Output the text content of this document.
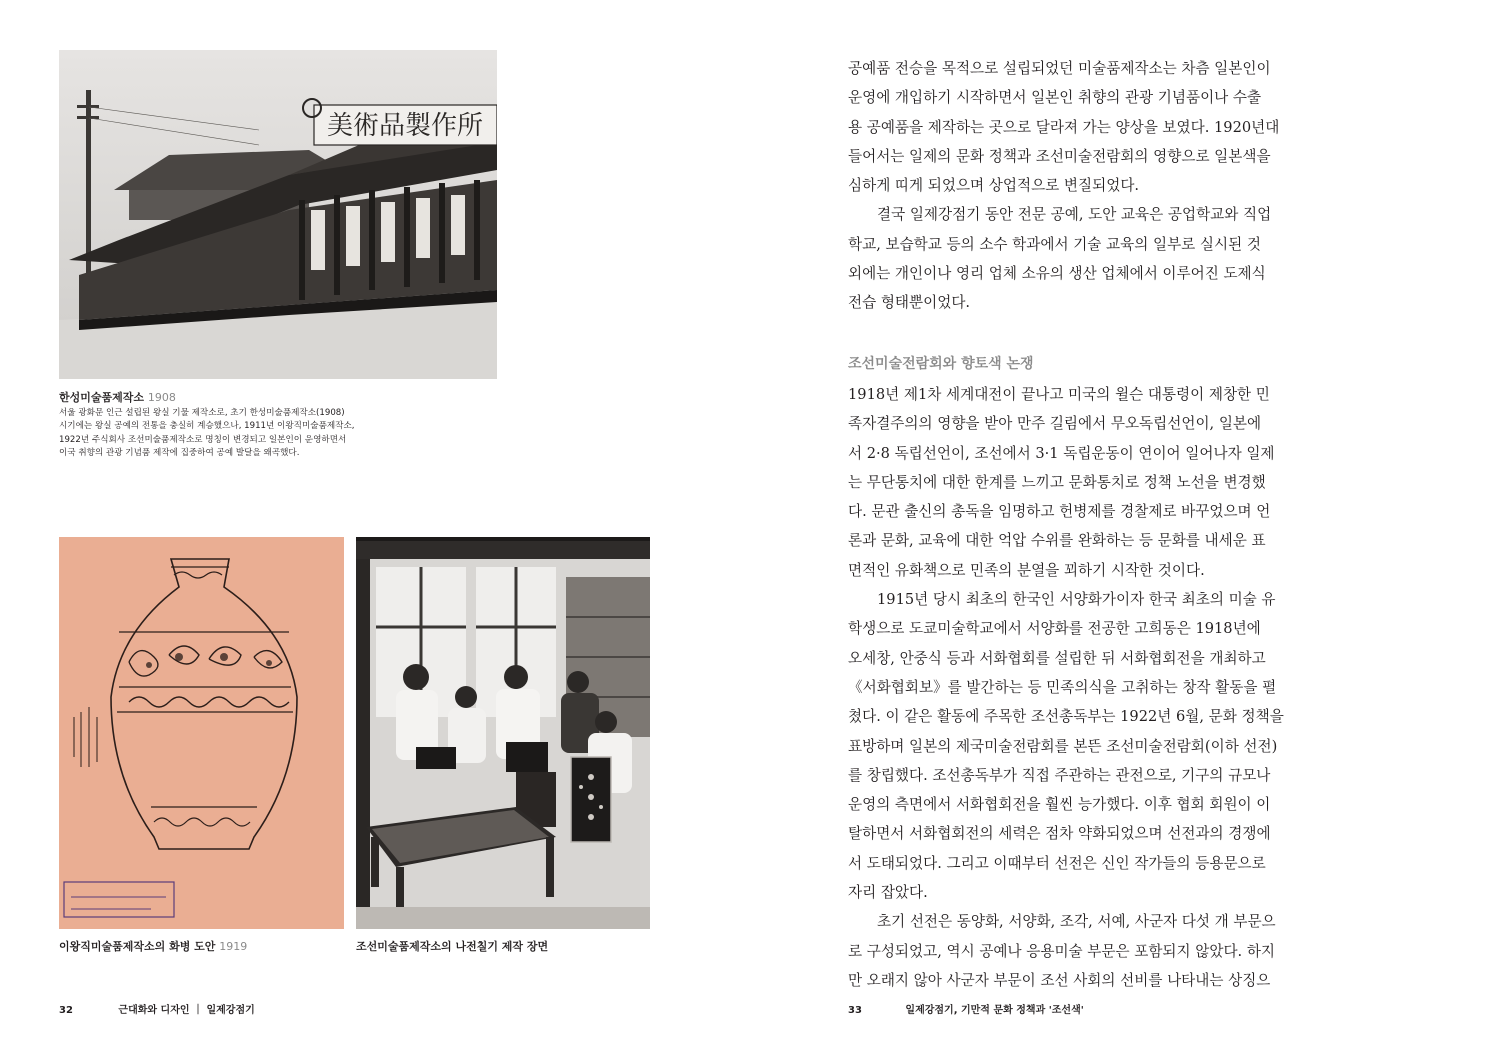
美術品製作所
한성미술품제작소 1908
서울 광화문 인근 설립된 왕실 기물 제작소로, 초기 한성미술품제작소(1908)
시기에는 왕실 공예의 전통을 충실히 계승했으나, 1911년 이왕직미술품제작소,
1922년 주식회사 조선미술품제작소로 명칭이 변경되고 일본인이 운영하면서
이국 취향의 관광 기념품 제작에 집중하여 공예 발달을 왜곡했다.
이왕직미술품제작소의 화병 도안 1919	조선미술품제작소의 나전칠기 제작 장면
32	근대화와 디자인 ｜ 일제강점기
공예품 전승을 목적으로 설립되었던 미술품제작소는 차츰 일본인이
운영에 개입하기 시작하면서 일본인 취향의 관광 기념품이나 수출
용 공예품을 제작하는 곳으로 달라져 가는 양상을 보였다. 1920년대
들어서는 일제의 문화 정책과 조선미술전람회의 영향으로 일본색을
심하게 띠게 되었으며 상업적으로 변질되었다.
결국 일제강점기 동안 전문 공예, 도안 교육은 공업학교와 직업
학교, 보습학교 등의 소수 학과에서 기술 교육의 일부로 실시된 것
외에는 개인이나 영리 업체 소유의 생산 업체에서 이루어진 도제식
전습 형태뿐이었다.
조선미술전람회와 향토색 논쟁
1918년 제1차 세계대전이 끝나고 미국의 윌슨 대통령이 제창한 민
족자결주의의 영향을 받아 만주 길림에서 무오독립선언이, 일본에
서 2·8 독립선언이, 조선에서 3·1 독립운동이 연이어 일어나자 일제
는 무단통치에 대한 한계를 느끼고 문화통치로 정책 노선을 변경했
다. 문관 출신의 총독을 임명하고 헌병제를 경찰제로 바꾸었으며 언
론과 문화, 교육에 대한 억압 수위를 완화하는 등 문화를 내세운 표
면적인 유화책으로 민족의 분열을 꾀하기 시작한 것이다.
1915년 당시 최초의 한국인 서양화가이자 한국 최초의 미술 유
학생으로 도쿄미술학교에서 서양화를 전공한 고희동은 1918년에
오세창, 안중식 등과 서화협회를 설립한 뒤 서화협회전을 개최하고
《서화협회보》를 발간하는 등 민족의식을 고취하는 창작 활동을 펼
쳤다. 이 같은 활동에 주목한 조선총독부는 1922년 6월, 문화 정책을
표방하며 일본의 제국미술전람회를 본뜬 조선미술전람회(이하 선전)
를 창립했다. 조선총독부가 직접 주관하는 관전으로, 기구의 규모나
운영의 측면에서 서화협회전을 훨씬 능가했다. 이후 협회 회원이 이
탈하면서 서화협회전의 세력은 점차 약화되었으며 선전과의 경쟁에
서 도태되었다. 그리고 이때부터 선전은 신인 작가들의 등용문으로
자리 잡았다.
초기 선전은 동양화, 서양화, 조각, 서예, 사군자 다섯 개 부문으
로 구성되었고, 역시 공예나 응용미술 부문은 포함되지 않았다. 하지
만 오래지 않아 사군자 부문이 조선 사회의 선비를 나타내는 상징으
33	일제강점기, 기만적 문화 정책과 '조선색'
